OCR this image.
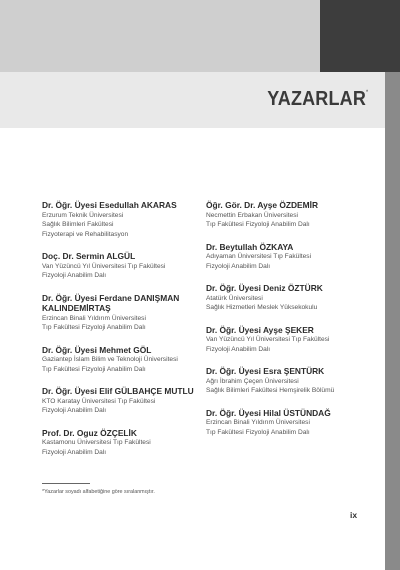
YAZARLAR*
Dr. Öğr. Üyesi Esedullah AKARAS
Erzurum Teknik Üniversitesi
Sağlık Bilimleri Fakültesi
Fizyoterapi ve Rehabilitasyon
Doç. Dr. Sermin ALGÜL
Van Yüzüncü Yıl Üniversitesi Tıp Fakültesi
Fizyoloji Anabilim Dalı
Dr. Öğr. Üyesi Ferdane DANIŞMAN KALINDEMİRTAŞ
Erzincan Binali Yıldırım Üniversitesi
Tıp Fakültesi Fizyoloji Anabilim Dalı
Dr. Öğr. Üyesi Mehmet GÖL
Gaziantep İslam Bilim ve Teknoloji Üniversitesi
Tıp Fakültesi Fizyoloji Anabilim Dalı
Dr. Öğr. Üyesi Elif GÜLBAHÇE MUTLU
KTO Karatay Üniversitesi Tıp Fakültesi
Fizyoloji Anabilim Dalı
Prof. Dr. Oguz ÖZÇELİK
Kastamonu Üniversitesi Tıp Fakültesi
Fizyoloji Anabilim Dalı
Öğr. Gör. Dr. Ayşe ÖZDEMİR
Necmettin Erbakan Üniversitesi
Tıp Fakültesi Fizyoloji Anabilim Dalı
Dr. Beytullah ÖZKAYA
Adıyaman Üniversitesi Tıp Fakültesi
Fizyoloji Anabilim Dalı
Dr. Öğr. Üyesi Deniz ÖZTÜRK
Atatürk Üniversitesi
Sağlık Hizmetleri Meslek Yüksekokulu
Dr. Öğr. Üyesi Ayşe ŞEKER
Van Yüzüncü Yıl Üniversitesi Tıp Fakültesi
Fizyoloji Anabilim Dalı
Dr. Öğr. Üyesi Esra ŞENTÜRK
Ağrı İbrahim Çeçen Üniversitesi
Sağlık Bilimleri Fakültesi Hemşirelik Bölümü
Dr. Öğr. Üyesi Hilal ÜSTÜNDAĞ
Erzincan Binali Yıldırım Üniversitesi
Tıp Fakültesi Fizyoloji Anabilim Dalı
*Yazarlar soyadı alfabetiğine göre sıralanmıştır.
ix
